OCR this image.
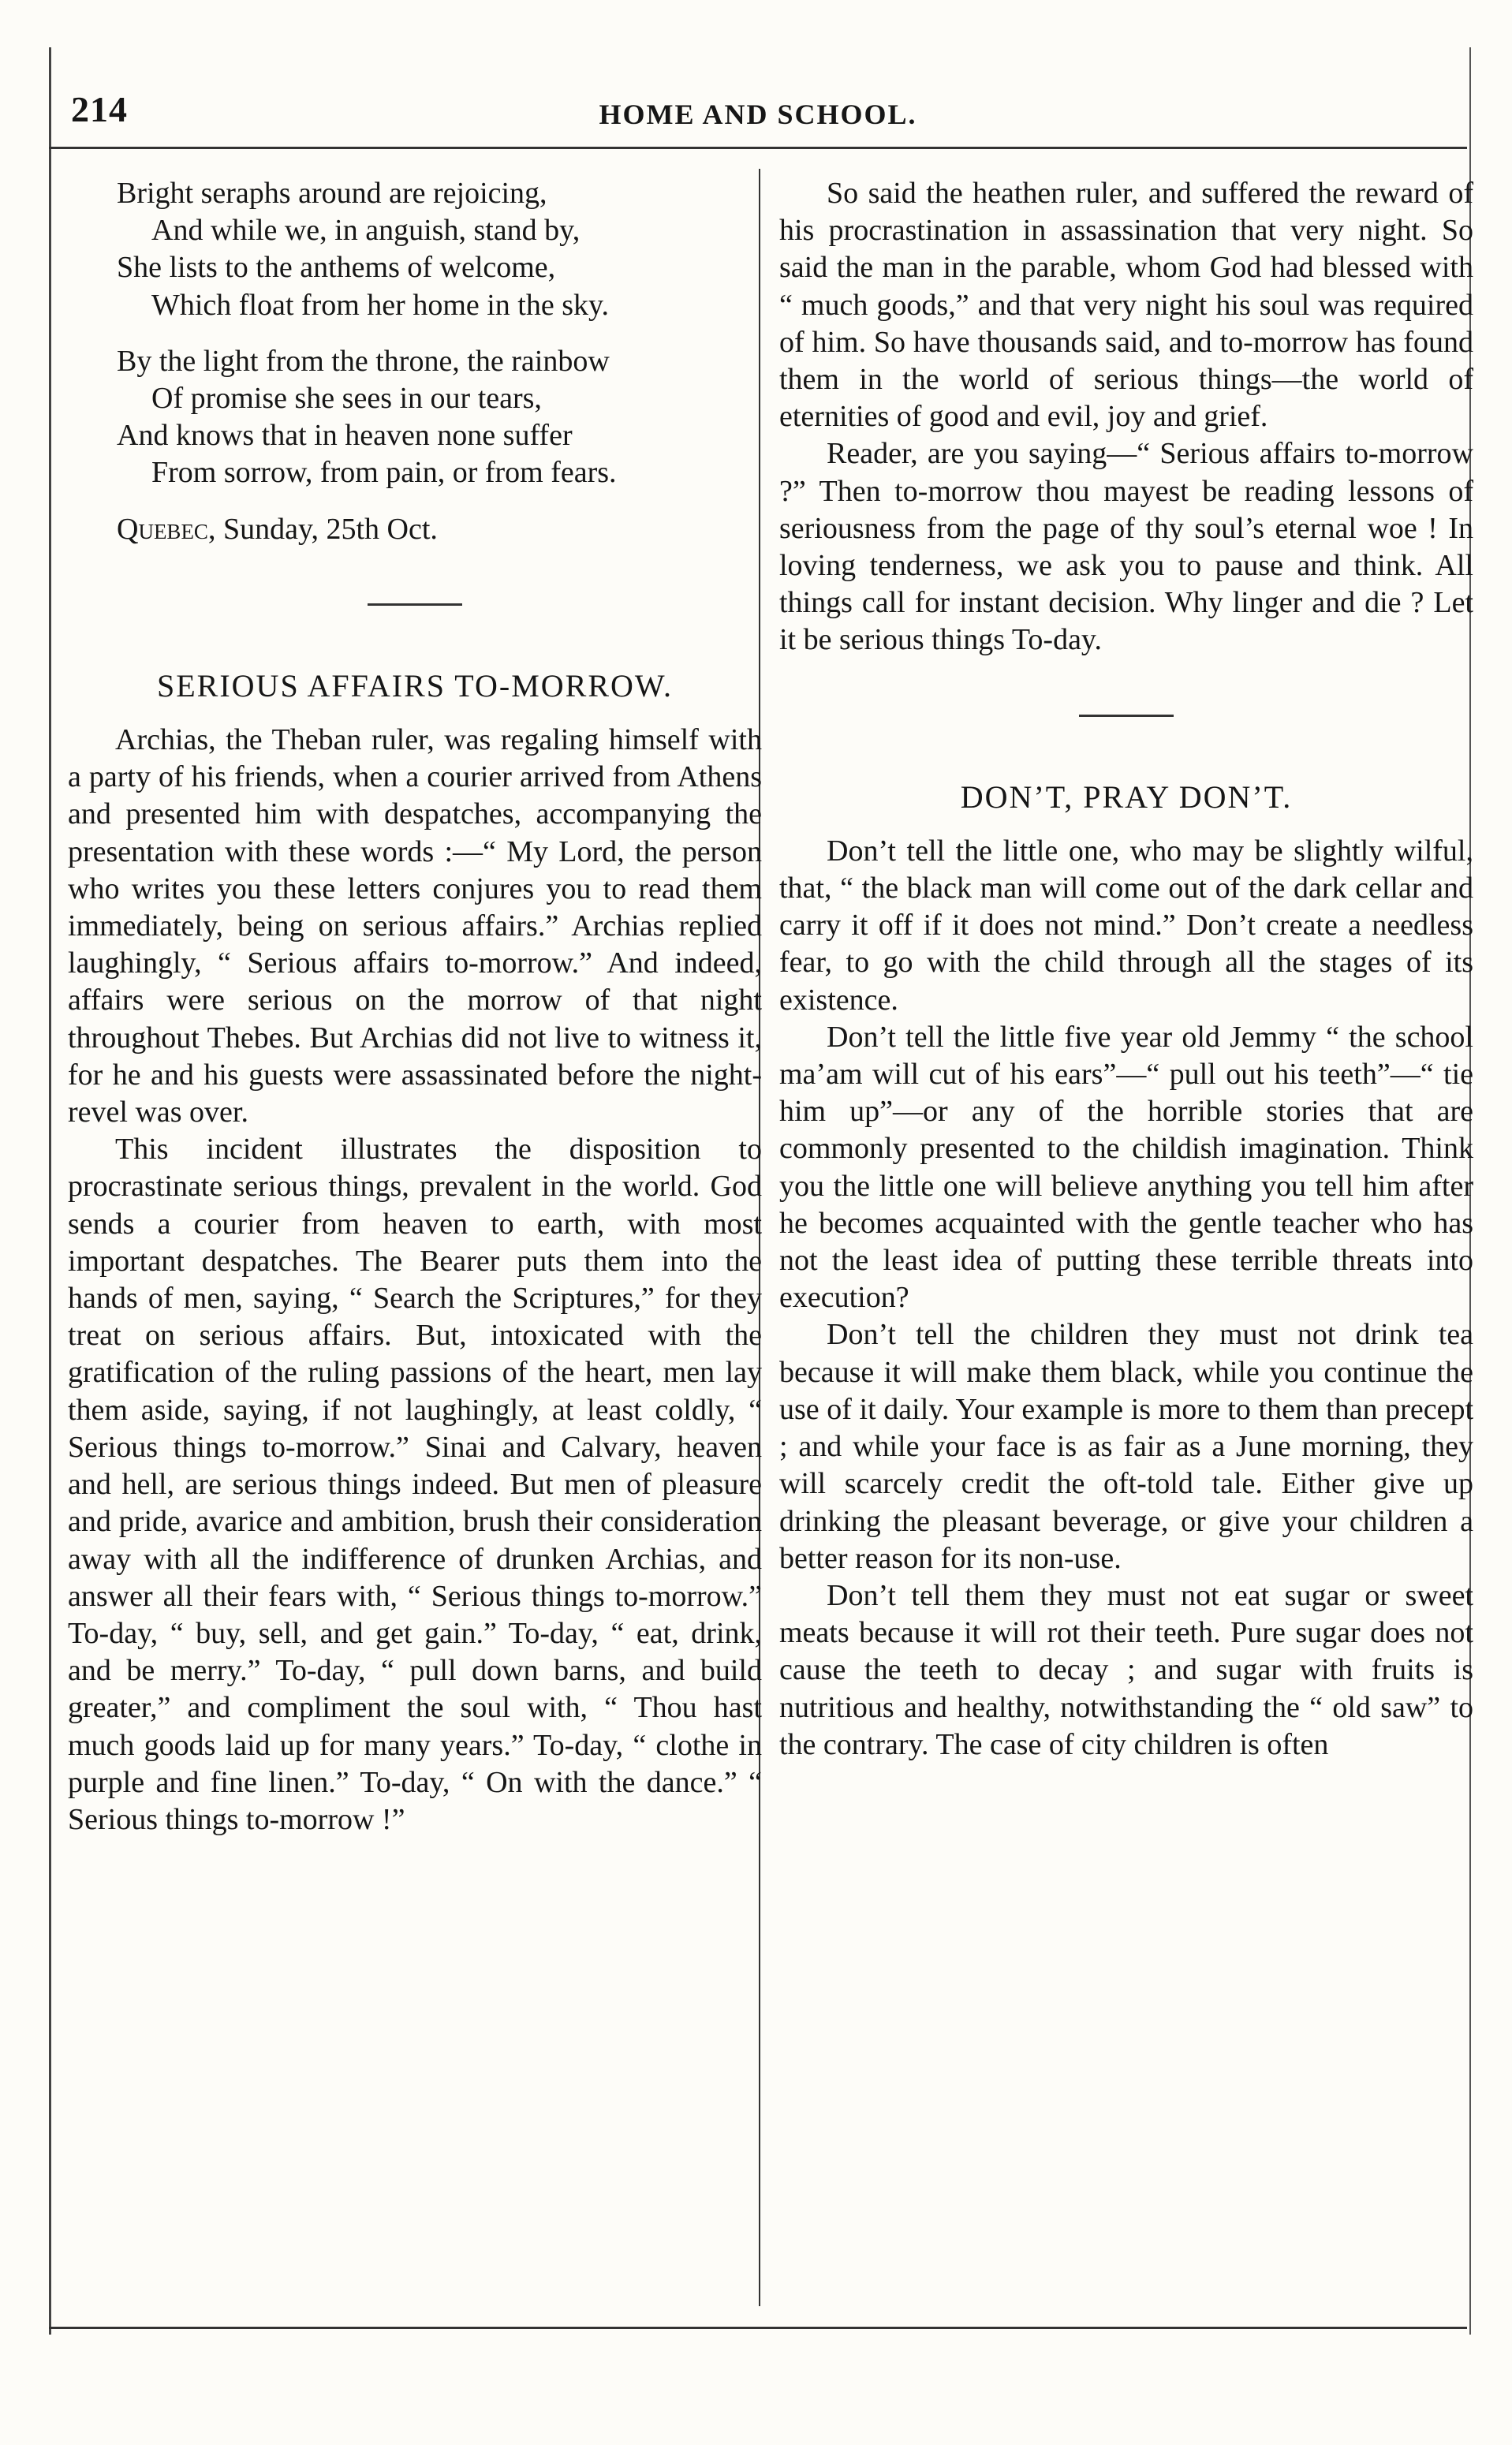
214	HOME AND SCHOOL.
Bright seraphs around are rejoicing,
And while we, in anguish, stand by,
She lists to the anthems of welcome,
Which float from her home in the sky.
By the light from the throne, the rainbow
Of promise she sees in our tears,
And knows that in heaven none suffer
From sorrow, from pain, or from fears.
Quebec, Sunday, 25th Oct.
SERIOUS AFFAIRS TO-MORROW.

Archias, the Theban ruler, was regaling himself with a party of his friends, when a courier arrived from Athens and presented him with despatches, accompanying the presentation with these words :—“ My Lord, the person who writes you these letters conjures you to read them immediately, being on serious affairs.” Archias replied laughingly, “ Serious affairs to-morrow.” And indeed, affairs were serious on the morrow of that night throughout Thebes. But Archias did not live to witness it, for he and his guests were assassinated before the night-revel was over.

This incident illustrates the disposition to procrastinate serious things, prevalent in the world. God sends a courier from heaven to earth, with most important despatches. The Bearer puts them into the hands of men, saying, “ Search the Scriptures,” for they treat on serious affairs. But, intoxicated with the gratification of the ruling passions of the heart, men lay them aside, saying, if not laughingly, at least coldly, “ Serious things to-morrow.” Sinai and Calvary, heaven and hell, are serious things indeed. But men of pleasure and pride, avarice and ambition, brush their consideration away with all the indifference of drunken Archias, and answer all their fears with, “ Serious things to-morrow.” To-day, “ buy, sell, and get gain.” To-day, “ eat, drink, and be merry.” To-day, “ pull down barns, and build greater,” and compliment the soul with, “ Thou hast much goods laid up for many years.” To-day, “ clothe in purple and fine linen.” To-day, “ On with the dance.” “ Serious things to-morrow !”

So said the heathen ruler, and suffered the reward of his procrastination in assassination that very night. So said the man in the parable, whom God had blessed with “ much goods,” and that very night his soul was required of him. So have thousands said, and to-morrow has found them in the world of serious things—the world of eternities of good and evil, joy and grief.

Reader, are you saying—“ Serious affairs to-morrow ?” Then to-morrow thou mayest be reading lessons of seriousness from the page of thy soul’s eternal woe ! In loving tenderness, we ask you to pause and think. All things call for instant decision. Why linger and die ? Let it be serious things To-day.

DON’T, PRAY DON’T.

Don’t tell the little one, who may be slightly wilful, that, “ the black man will come out of the dark cellar and carry it off if it does not mind.” Don’t create a needless fear, to go with the child through all the stages of its existence.

Don’t tell the little five year old Jemmy “ the school ma’am will cut of his ears”—“ pull out his teeth”—“ tie him up”—or any of the horrible stories that are commonly presented to the childish imagination. Think you the little one will believe anything you tell him after he becomes acquainted with the gentle teacher who has not the least idea of putting these terrible threats into execution?

Don’t tell the children they must not drink tea because it will make them black, while you continue the use of it daily. Your example is more to them than precept ; and while your face is as fair as a June morning, they will scarcely credit the oft-told tale. Either give up drinking the pleasant beverage, or give your children a better reason for its non-use.

Don’t tell them they must not eat sugar or sweet meats because it will rot their teeth. Pure sugar does not cause the teeth to decay ; and sugar with fruits is nutritious and healthy, notwithstanding the “ old saw” to the contrary. The case of city children is often
